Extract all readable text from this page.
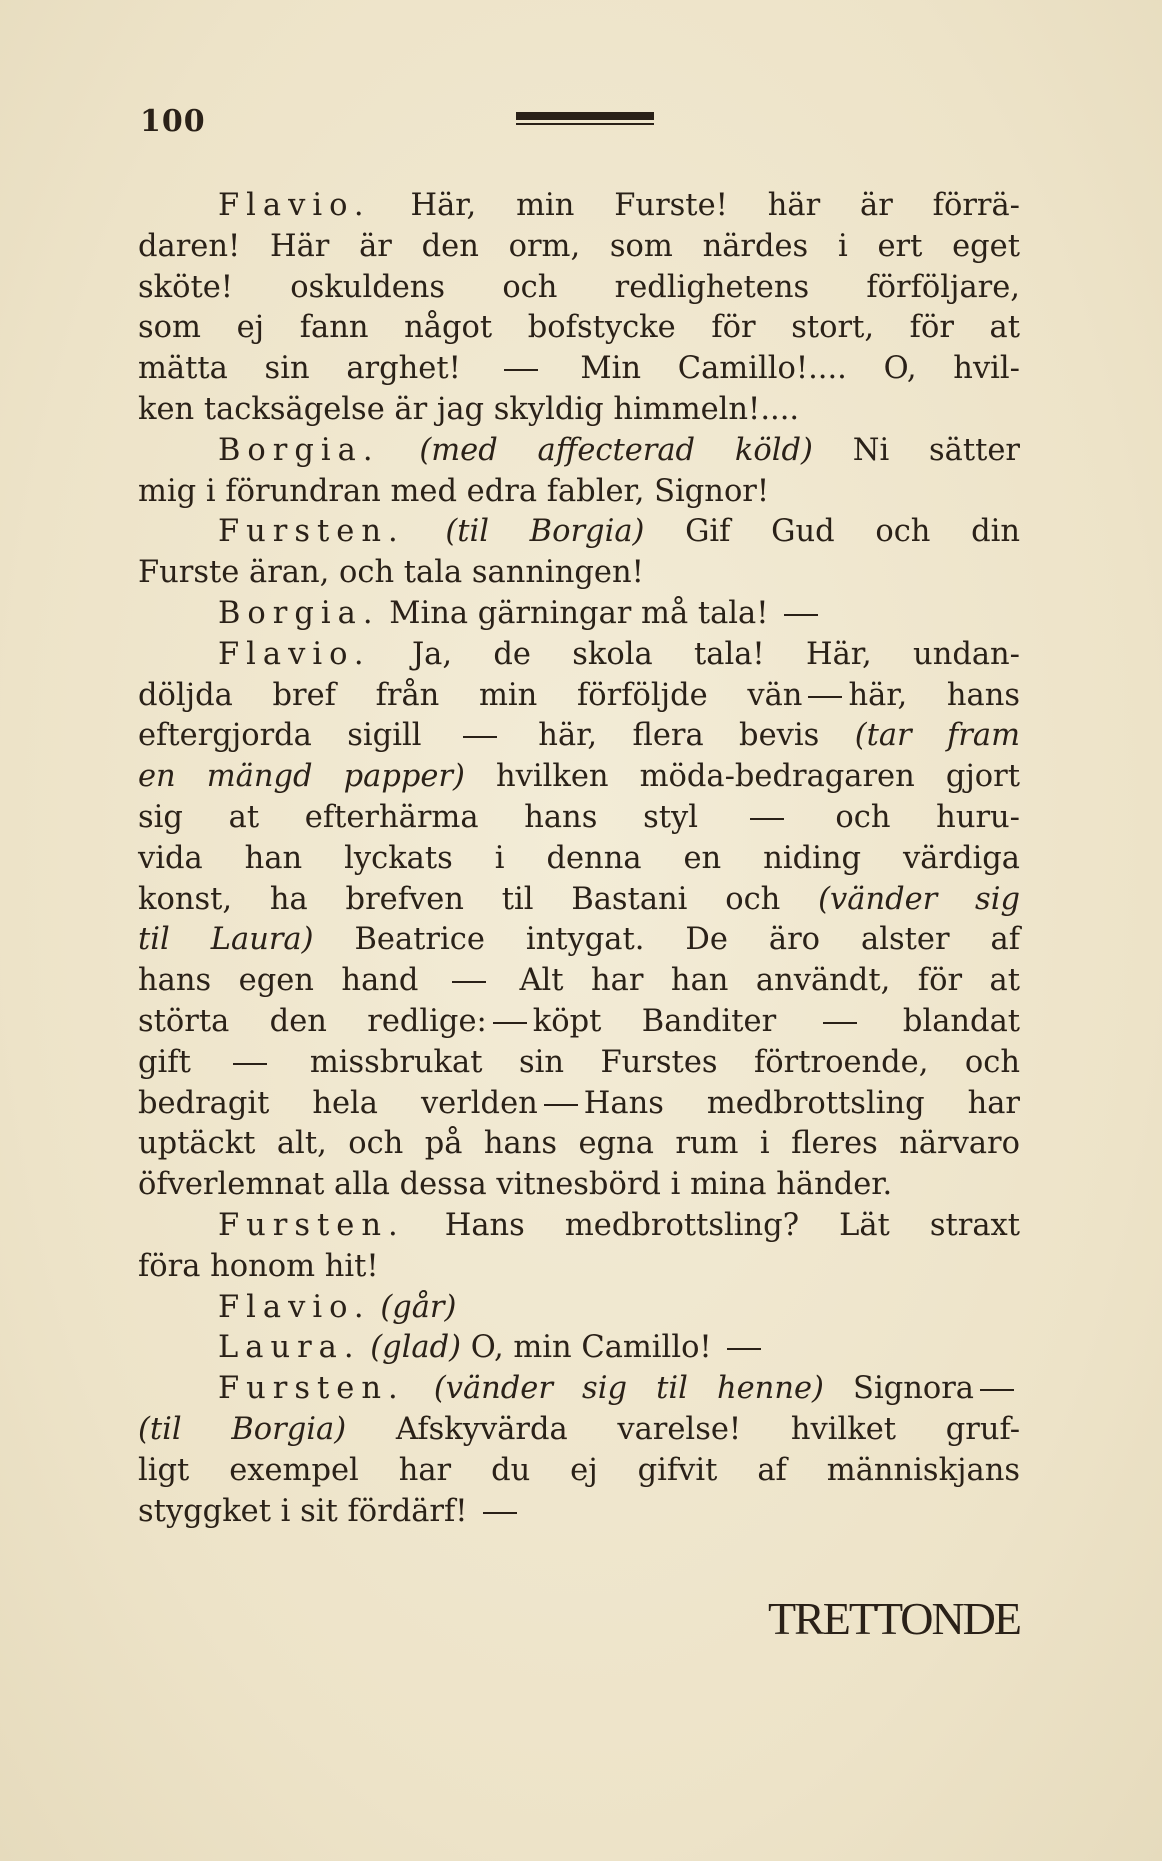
100
Flavio. Här, min Furste! här är förrä-
daren! Här är den orm, som närdes i ert eget
sköte! oskuldens och redlighetens förföljare,
som ej fann något bofstycke för stort, för at
mätta sin arghet!  Min Camillo!.... O, hvil-
ken tacksägelse är jag skyldig himmeln!....
Borgia. (med affecterad köld) Ni sätter
mig i förundran med edra fabler, Signor!
Fursten. (til Borgia) Gif Gud och din
Furste äran, och tala sanningen!
Borgia. Mina gärningar må tala!
Flavio. Ja, de skola tala! Här, undan-
döljda bref från min förföljde vän här, hans
eftergjorda sigill  här, flera bevis (tar fram
en mängd papper) hvilken möda-bedragaren gjort
sig at efterhärma hans styl  och huru-
vida han lyckats i denna en niding värdiga
konst, ha brefven til Bastani och (vänder sig
til Laura) Beatrice intygat. De äro alster af
hans egen hand  Alt har han användt, för at
störta den redlige: köpt Banditer  blandat
gift  missbrukat sin Furstes förtroende, och
bedragit hela verlden Hans medbrottsling har
uptäckt alt, och på hans egna rum i fleres närvaro
öfverlemnat alla dessa vitnesbörd i mina händer.
Fursten. Hans medbrottsling? Lät straxt
föra honom hit!
Flavio. (går)
Laura. (glad) O, min Camillo!
Fursten. (vänder sig til henne) Signora
(til Borgia) Afskyvärda varelse! hvilket gruf-
ligt exempel har du ej gifvit af människjans
styggket i sit fördärf!
TRETTONDE
